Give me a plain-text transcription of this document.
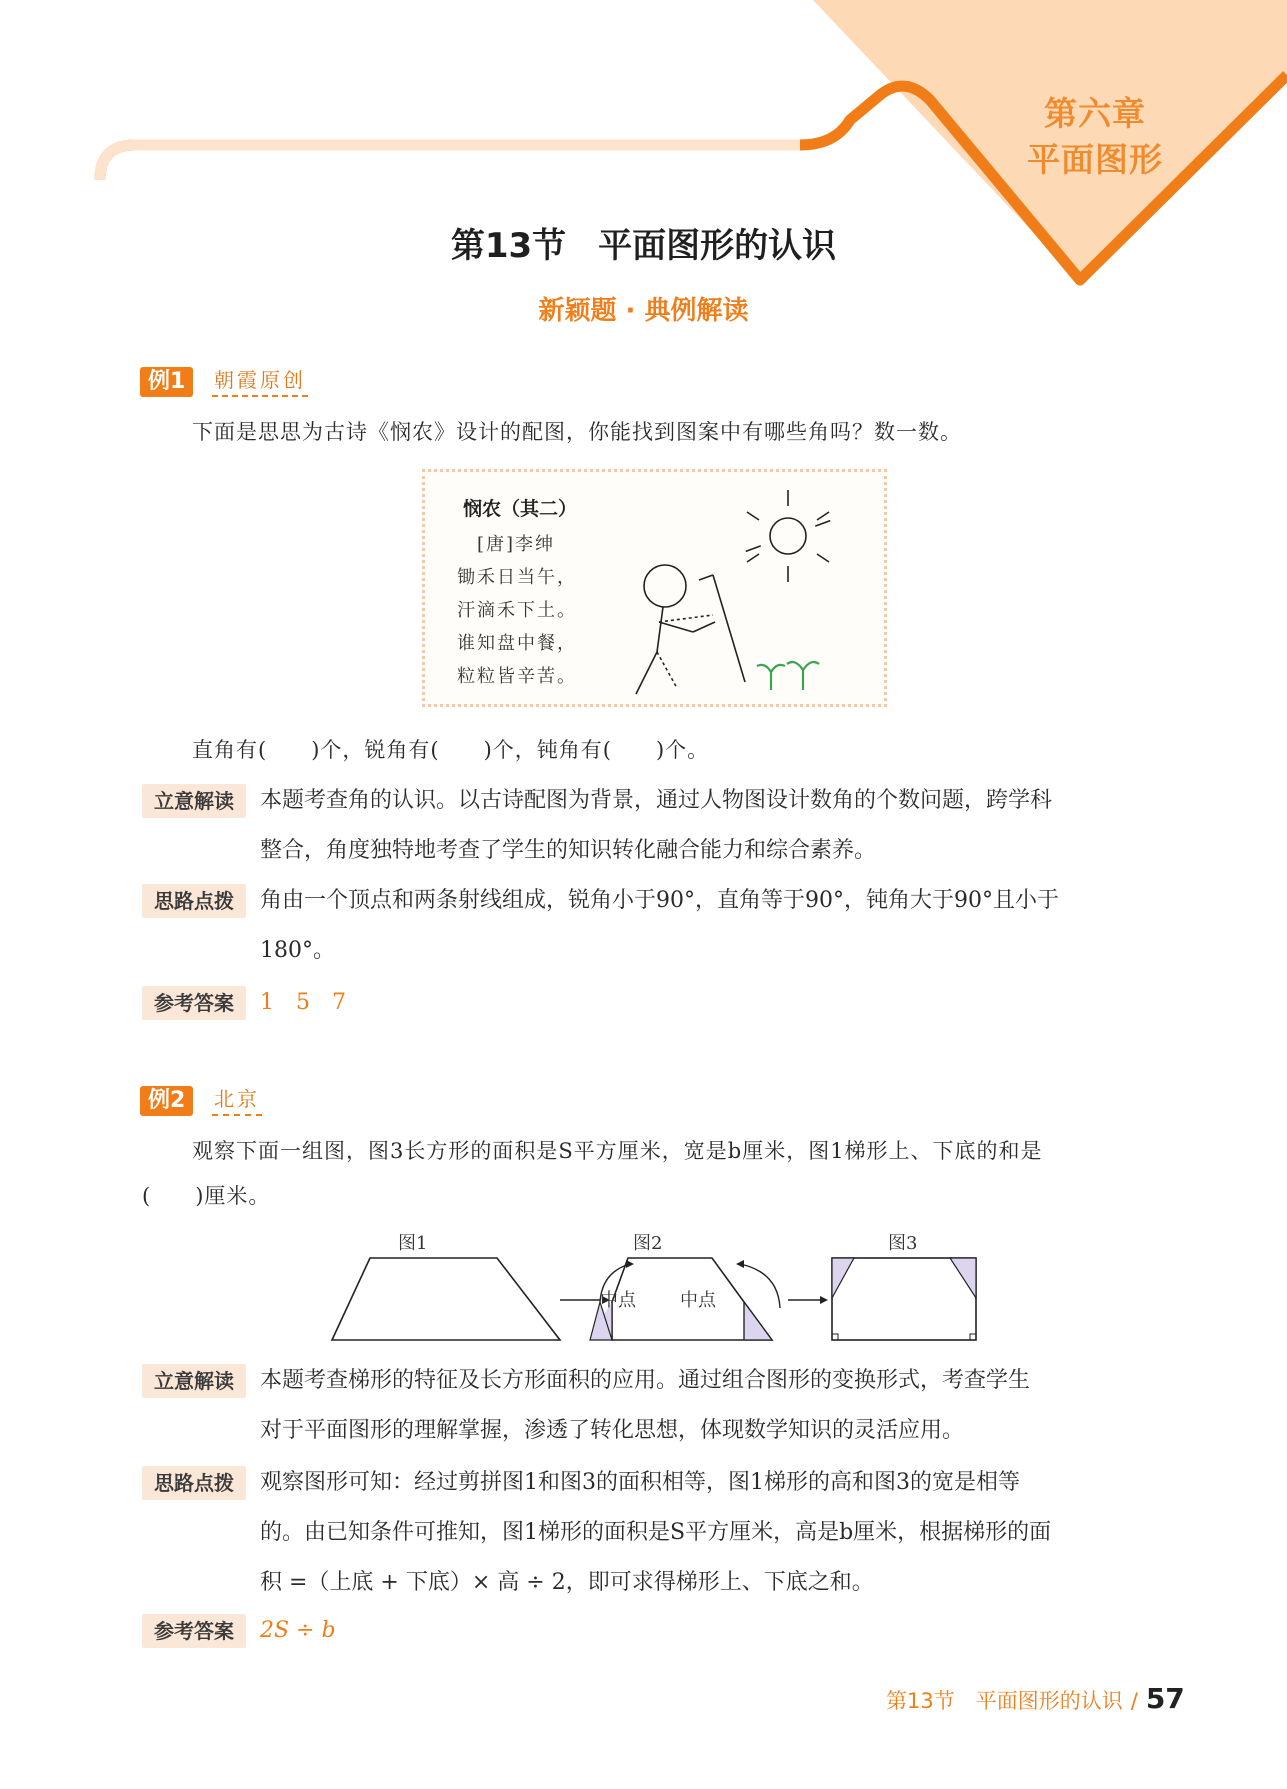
第六章
平面图形
第13节 平面图形的认识
新颖题 · 典例解读
例1	朝霞原创
下面是思思为古诗《悯农》设计的配图，你能找到图案中有哪些角吗？数一数。
悯农（其二）
[唐]李绅
锄禾日当午，
汗滴禾下土。
谁知盘中餐，
粒粒皆辛苦。
直角有(　　)个，锐角有(　　)个，钝角有(　　)个。
立意解读	本题考查角的认识。以古诗配图为背景，通过人物图设计数角的个数问题，跨学科
整合，角度独特地考查了学生的知识转化融合能力和综合素养。
思路点拨	角由一个顶点和两条射线组成，锐角小于90°，直角等于90°，钝角大于90°且小于
180°。
参考答案	1　5　7
例2	北京
观察下面一组图，图3长方形的面积是S平方厘米，宽是b厘米，图1梯形上、下底的和是
(　　)厘米。
图1	图2	图3
中点 中点
立意解读	本题考查梯形的特征及长方形面积的应用。通过组合图形的变换形式，考查学生
对于平面图形的理解掌握，渗透了转化思想，体现数学知识的灵活应用。
思路点拨	观察图形可知：经过剪拼图1和图3的面积相等，图1梯形的高和图3的宽是相等
的。由已知条件可推知，图1梯形的面积是S平方厘米，高是b厘米，根据梯形的面
积 =（上底 + 下底）× 高 ÷ 2，即可求得梯形上、下底之和。
参考答案	2S ÷ b
第13节　平面图形的认识 / 57
